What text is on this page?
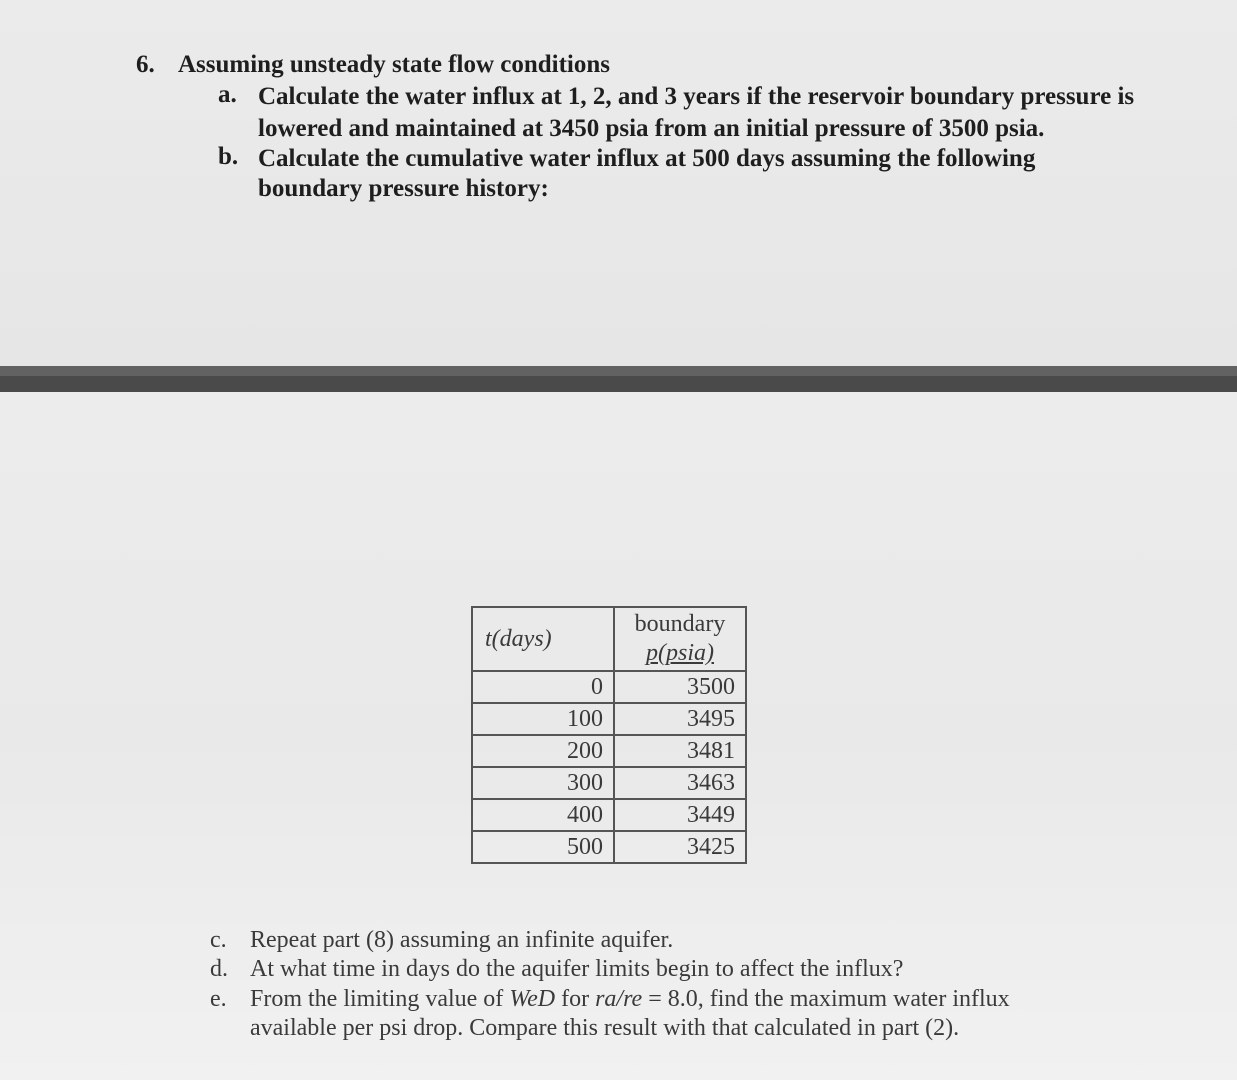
6. Assuming unsteady state flow conditions
a. Calculate the water influx at 1, 2, and 3 years if the reservoir boundary pressure is
lowered and maintained at 3450 psia from an initial pressure of 3500 psia.
b. Calculate the cumulative water influx at 500 days assuming the following
boundary pressure history:
t(days)	boundary
p(psia)

0	3500
100	3495
200	3481
300	3463
400	3449
500	3425
c. Repeat part (8) assuming an infinite aquifer.
d. At what time in days do the aquifer limits begin to affect the influx?
e. From the limiting value of WeD for ra/re = 8.0, find the maximum water influx
available per psi drop. Compare this result with that calculated in part (2).
